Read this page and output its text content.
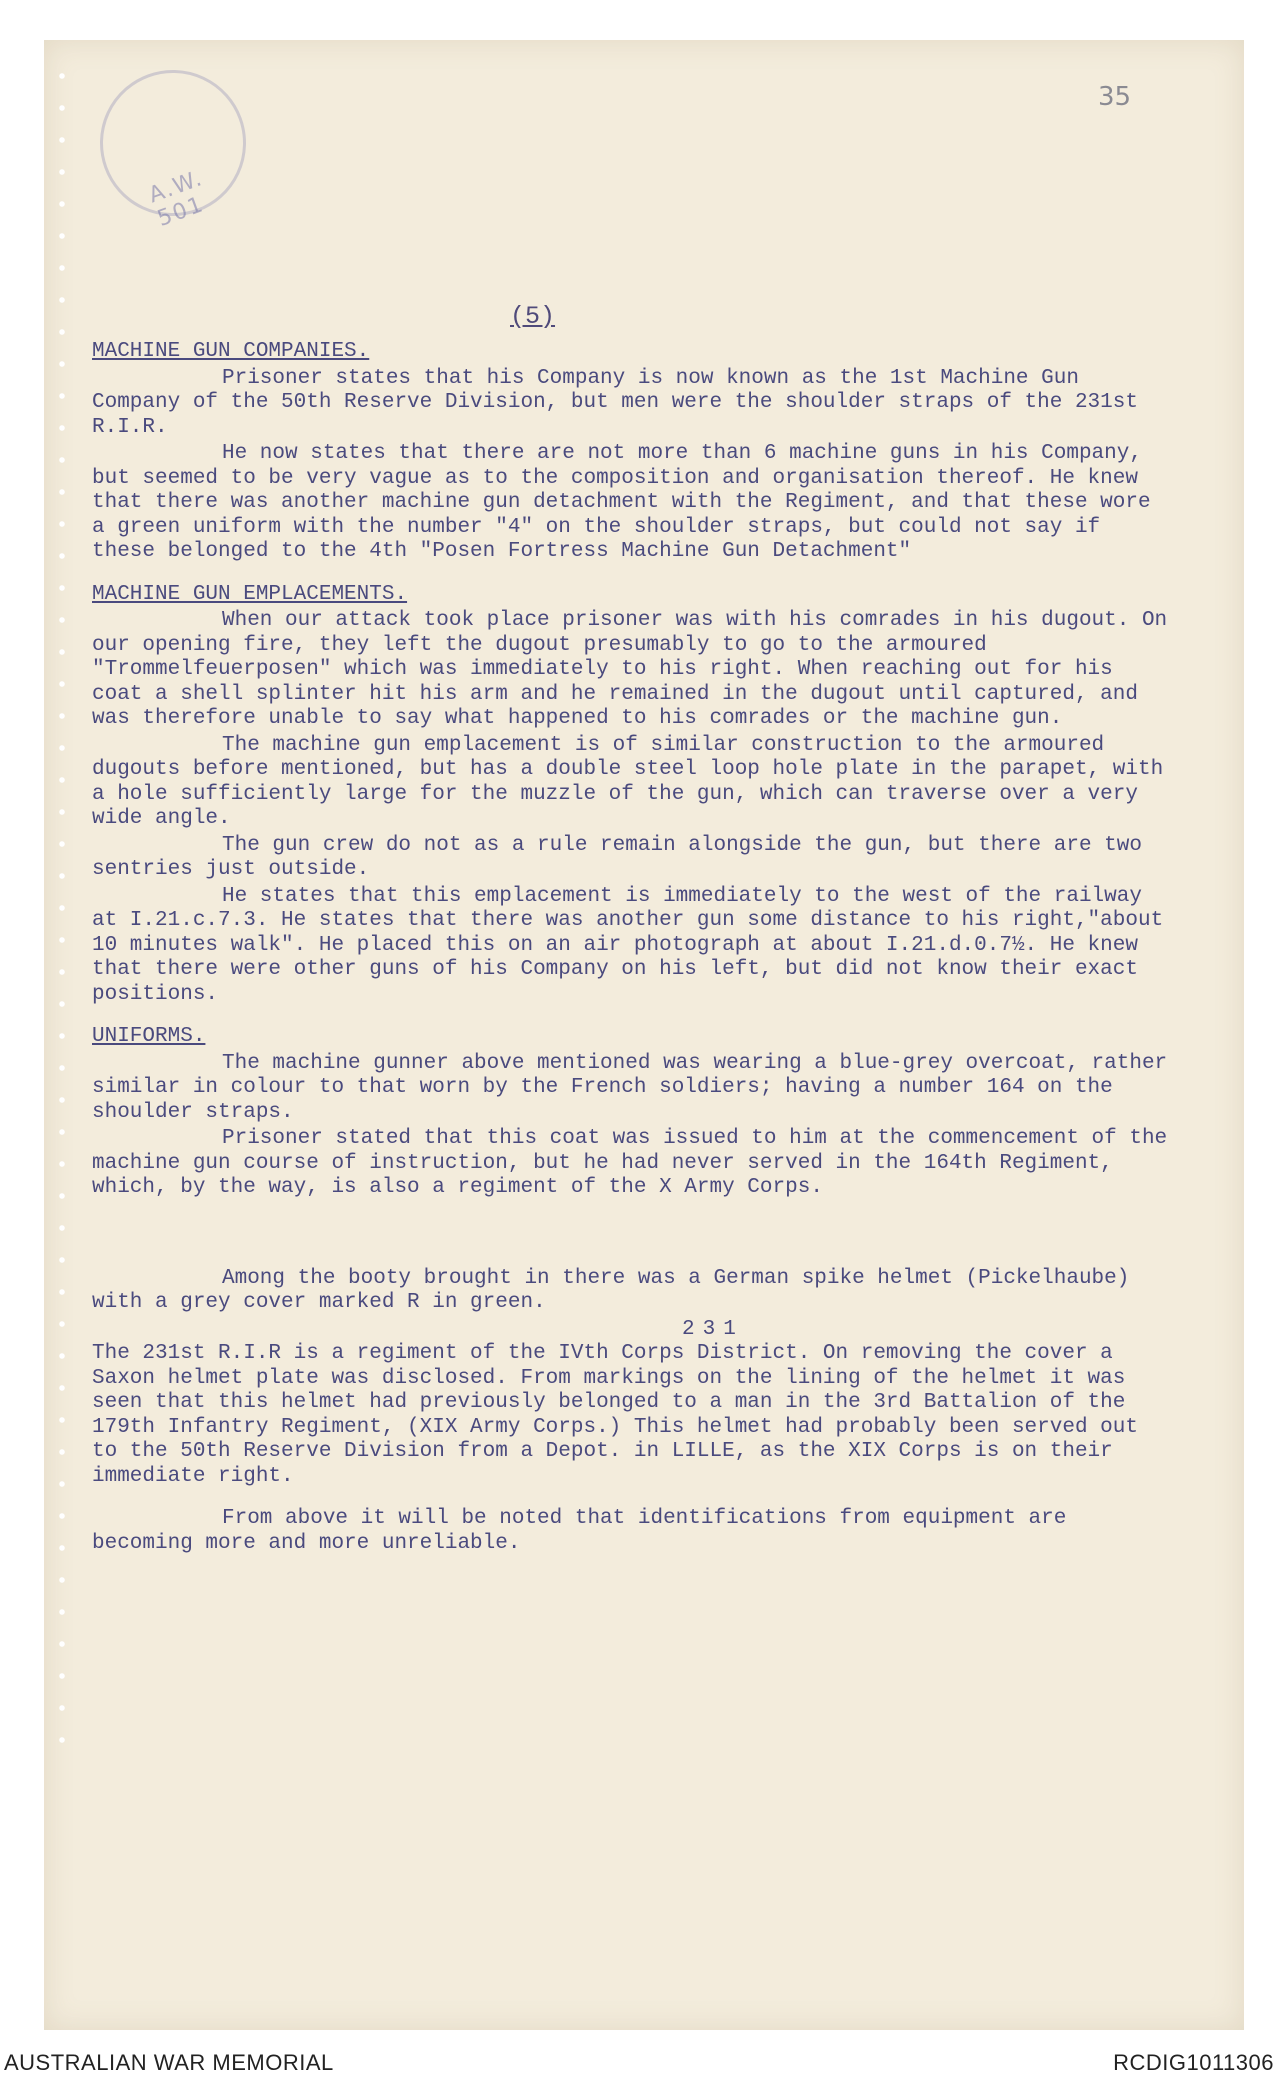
A.W. 501
35
(5)
MACHINE GUN COMPANIES.

Prisoner states that his Company is now known as the 1st Machine Gun Company of the 50th Reserve Division, but men were the shoulder straps of the 231st R.I.R.

He now states that there are not more than 6 machine guns in his Company, but seemed to be very vague as to the composition and organisation thereof. He knew that there was another machine gun detachment with the Regiment, and that these wore a green uniform with the number "4" on the shoulder straps, but could not say if these belonged to the 4th "Posen Fortress Machine Gun Detachment"

MACHINE GUN EMPLACEMENTS.

When our attack took place prisoner was with his comrades in his dugout. On our opening fire, they left the dugout presumably to go to the armoured "Trommelfeuerposen" which was immediately to his right. When reaching out for his coat a shell splinter hit his arm and he remained in the dugout until captured, and was therefore unable to say what happened to his comrades or the machine gun.

The machine gun emplacement is of similar construction to the armoured dugouts before mentioned, but has a double steel loop hole plate in the parapet, with a hole sufficiently large for the muzzle of the gun, which can traverse over a very wide angle.

The gun crew do not as a rule remain alongside the gun, but there are two sentries just outside.

He states that this emplacement is immediately to the west of the railway at I.21.c.7.3. He states that there was another gun some distance to his right,"about 10 minutes walk". He placed this on an air photograph at about I.21.d.0.7½. He knew that there were other guns of his Company on his left, but did not know their exact positions.

UNIFORMS.

The machine gunner above mentioned was wearing a blue-grey overcoat, rather similar in colour to that worn by the French soldiers; having a number 164 on the shoulder straps.

Prisoner stated that this coat was issued to him at the commencement of the machine gun course of instruction, but he had never served in the 164th Regiment, which, by the way, is also a regiment of the X Army Corps.

Among the booty brought in there was a German spike helmet (Pickelhaube) with a grey cover marked R in green.

231

The 231st R.I.R is a regiment of the IVth Corps District. On removing the cover a Saxon helmet plate was disclosed. From markings on the lining of the helmet it was seen that this helmet had previously belonged to a man in the 3rd Battalion of the 179th Infantry Regiment, (XIX Army Corps.) This helmet had probably been served out to the 50th Reserve Division from a Depot. in LILLE, as the XIX Corps is on their immediate right.

From above it will be noted that identifications from equipment are becoming more and more unreliable.

AUSTRALIAN WAR MEMORIAL	RCDIG1011306
